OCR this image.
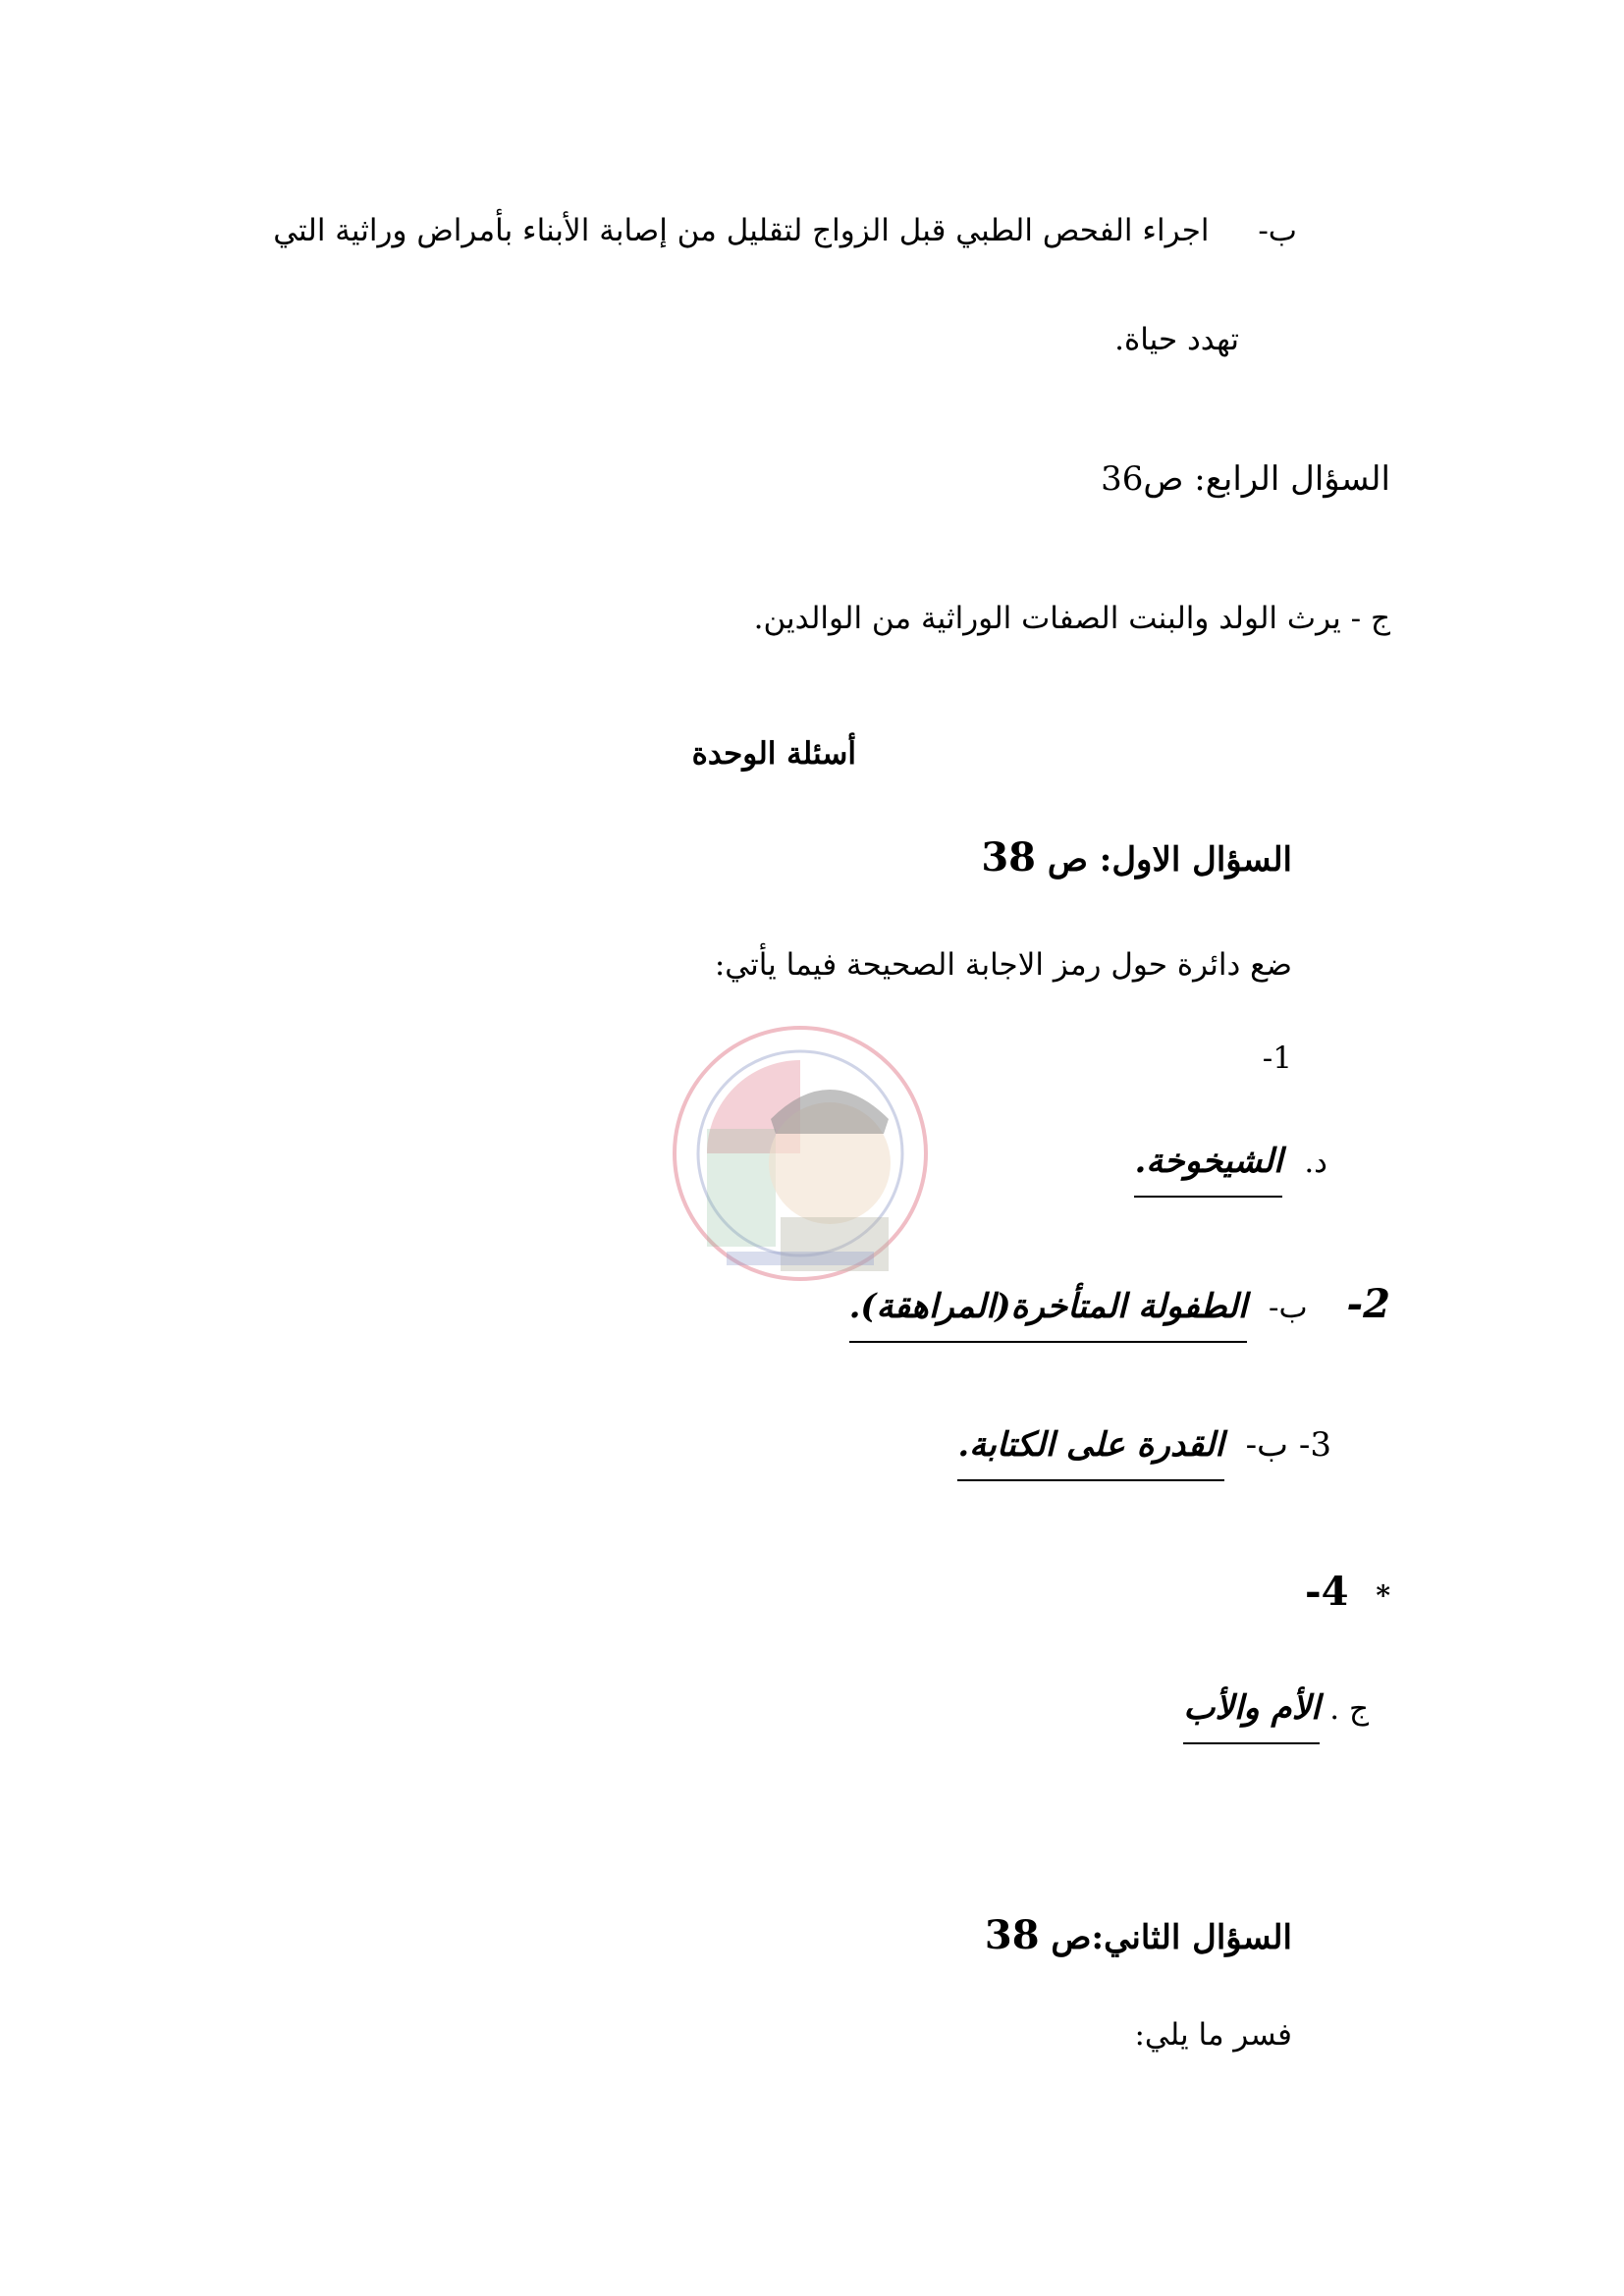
ب- اجراء الفحص الطبي قبل الزواج لتقليل من إصابة الأبناء بأمراض وراثية التي
تهدد حياة.
السؤال الرابع: ص36
ج - يرث الولد والبنت الصفات الوراثية من الوالدين.
أسئلة الوحدة
السؤال الاول: ص 38
ضع دائرة حول رمز الاجابة الصحيحة فيما يأتي:
1-
د. الشيخوخة.
2- ب- الطفولة المتأخرة(المراهقة).
3- ب- القدرة على الكتابة.
* 4-
ج . الأم والأب
السؤال الثاني:ص 38
فسر ما يلي:
